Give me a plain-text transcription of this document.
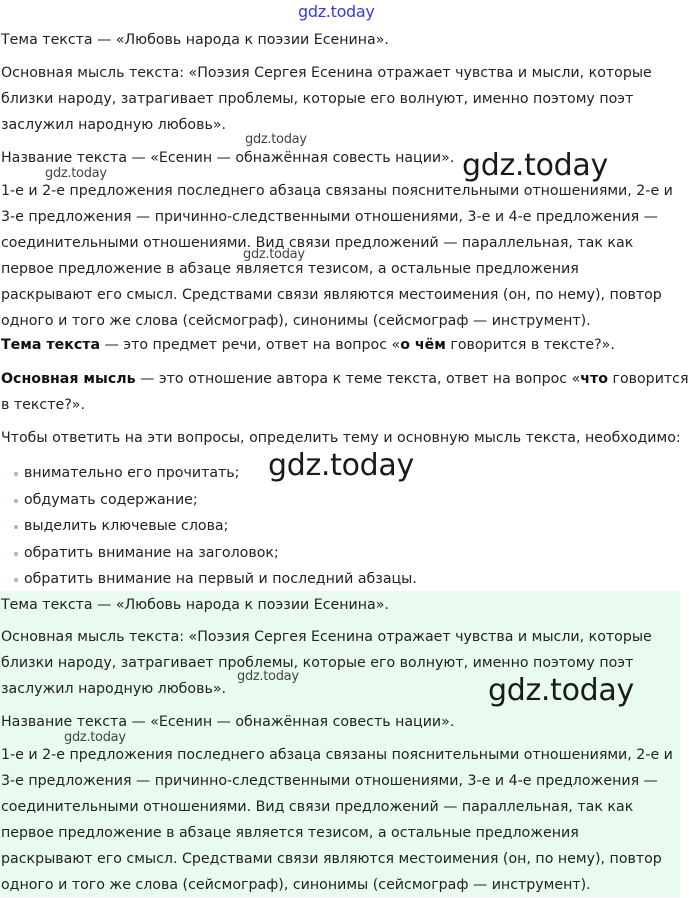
Тема текста — «Любовь народа к поэзии Есенина».

Основная мысль текста: «Поэзия Сергея Есенина отражает чувства и мысли, которые
близки народу, затрагивает проблемы, которые его волнуют, именно поэтому поэт
заслужил народную любовь».

Название текста — «Есенин — обнажённая совесть нации».

1-е и 2-е предложения последнего абзаца связаны пояснительными отношениями, 2-е и
3-е предложения — причинно-следственными отношениями, 3-е и 4-е предложения —
соединительными отношениями. Вид связи предложений — параллельная, так как
первое предложение в абзаце является тезисом, а остальные предложения
раскрывают его смысл. Средствами связи являются местоимения (он, по нему), повтор
одного и того же слова (сейсмограф), синонимы (сейсмограф — инструмент).

Тема текста — это предмет речи, ответ на вопрос «о чём говорится в тексте?».

Основная мысль — это отношение автора к теме текста, ответ на вопрос «что говорится
в тексте?».

Чтобы ответить на эти вопросы, определить тему и основную мысль текста, необходимо:

внимательно его прочитать;
обдумать содержание;
выделить ключевые слова;
обратить внимание на заголовок;
обратить внимание на первый и последний абзацы.

Тема текста — «Любовь народа к поэзии Есенина».

Основная мысль текста: «Поэзия Сергея Есенина отражает чувства и мысли, которые
близки народу, затрагивает проблемы, которые его волнуют, именно поэтому поэт
заслужил народную любовь».

Название текста — «Есенин — обнажённая совесть нации».

1-е и 2-е предложения последнего абзаца связаны пояснительными отношениями, 2-е и
3-е предложения — причинно-следственными отношениями, 3-е и 4-е предложения —
соединительными отношениями. Вид связи предложений — параллельная, так как
первое предложение в абзаце является тезисом, а остальные предложения
раскрывают его смысл. Средствами связи являются местоимения (он, по нему), повтор
одного и того же слова (сейсмограф), синонимы (сейсмограф — инструмент).

gdz.today
gdz.today
gdz.today	gdz.today
gdz.today
gdz.today
gdz.today	gdz.today
gdz.today
